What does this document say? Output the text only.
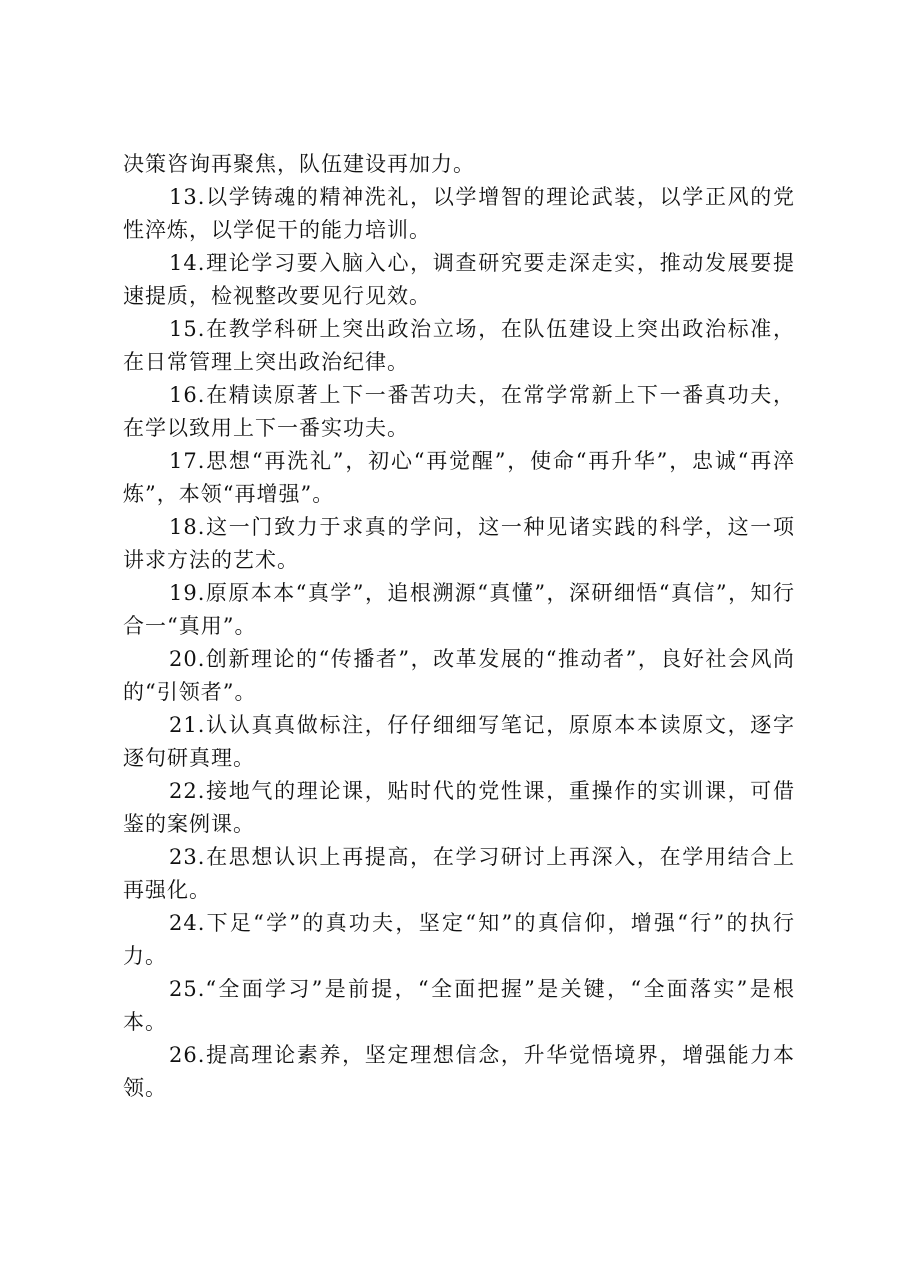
决策咨询再聚焦，队伍建设再加力。

13.以学铸魂的精神洗礼，以学增智的理论武装，以学正风的党性淬炼，以学促干的能力培训。

14.理论学习要入脑入心，调查研究要走深走实，推动发展要提速提质，检视整改要见行见效。

15.在教学科研上突出政治立场，在队伍建设上突出政治标准，在日常管理上突出政治纪律。

16.在精读原著上下一番苦功夫，在常学常新上下一番真功夫，在学以致用上下一番实功夫。

17.思想“再洗礼”，初心“再觉醒”，使命“再升华”，忠诚“再淬炼”，本领“再增强”。

18.这一门致力于求真的学问，这一种见诸实践的科学，这一项讲求方法的艺术。

19.原原本本“真学”，追根溯源“真懂”，深研细悟“真信”，知行合一“真用”。

20.创新理论的“传播者”，改革发展的“推动者”，良好社会风尚的“引领者”。

21.认认真真做标注，仔仔细细写笔记，原原本本读原文，逐字逐句研真理。

22.接地气的理论课，贴时代的党性课，重操作的实训课，可借鉴的案例课。

23.在思想认识上再提高，在学习研讨上再深入，在学用结合上再强化。

24.下足“学”的真功夫，坚定“知”的真信仰，增强“行”的执行力。

25.“全面学习”是前提，“全面把握”是关键，“全面落实”是根本。

26.提高理论素养，坚定理想信念，升华觉悟境界，增强能力本领。
